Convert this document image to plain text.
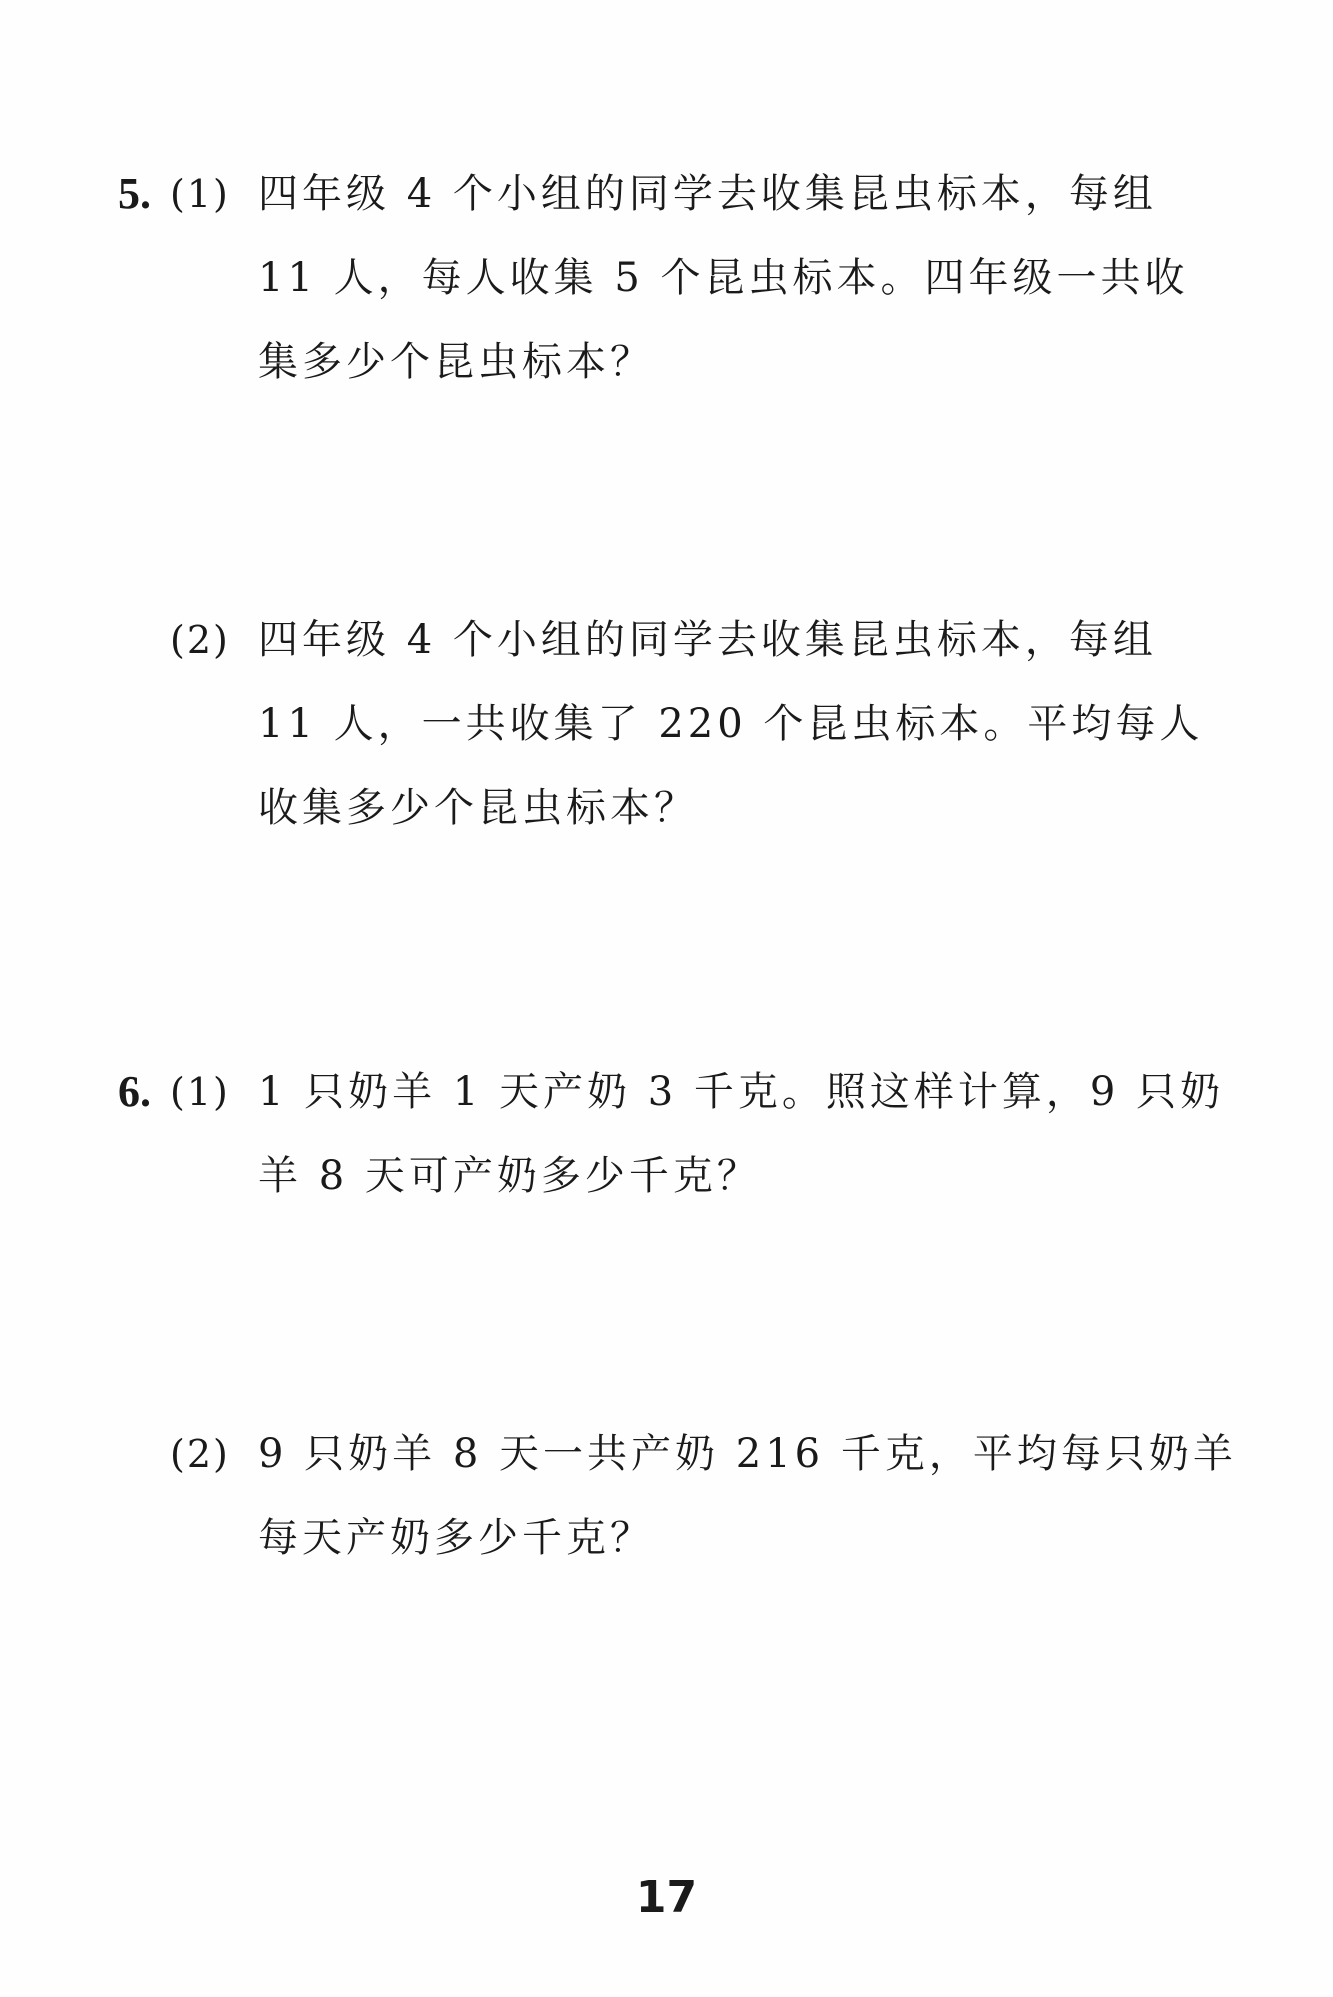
5. (1) 四年级 4 个小组的同学去收集昆虫标本，每组
11 人，每人收集 5 个昆虫标本。四年级一共收
集多少个昆虫标本？
(2) 四年级 4 个小组的同学去收集昆虫标本，每组
11 人，一共收集了 220 个昆虫标本。平均每人
收集多少个昆虫标本？
6. (1) 1 只奶羊 1 天产奶 3 千克。照这样计算，9 只奶
羊 8 天可产奶多少千克？
(2) 9 只奶羊 8 天一共产奶 216 千克，平均每只奶羊
每天产奶多少千克？
17
